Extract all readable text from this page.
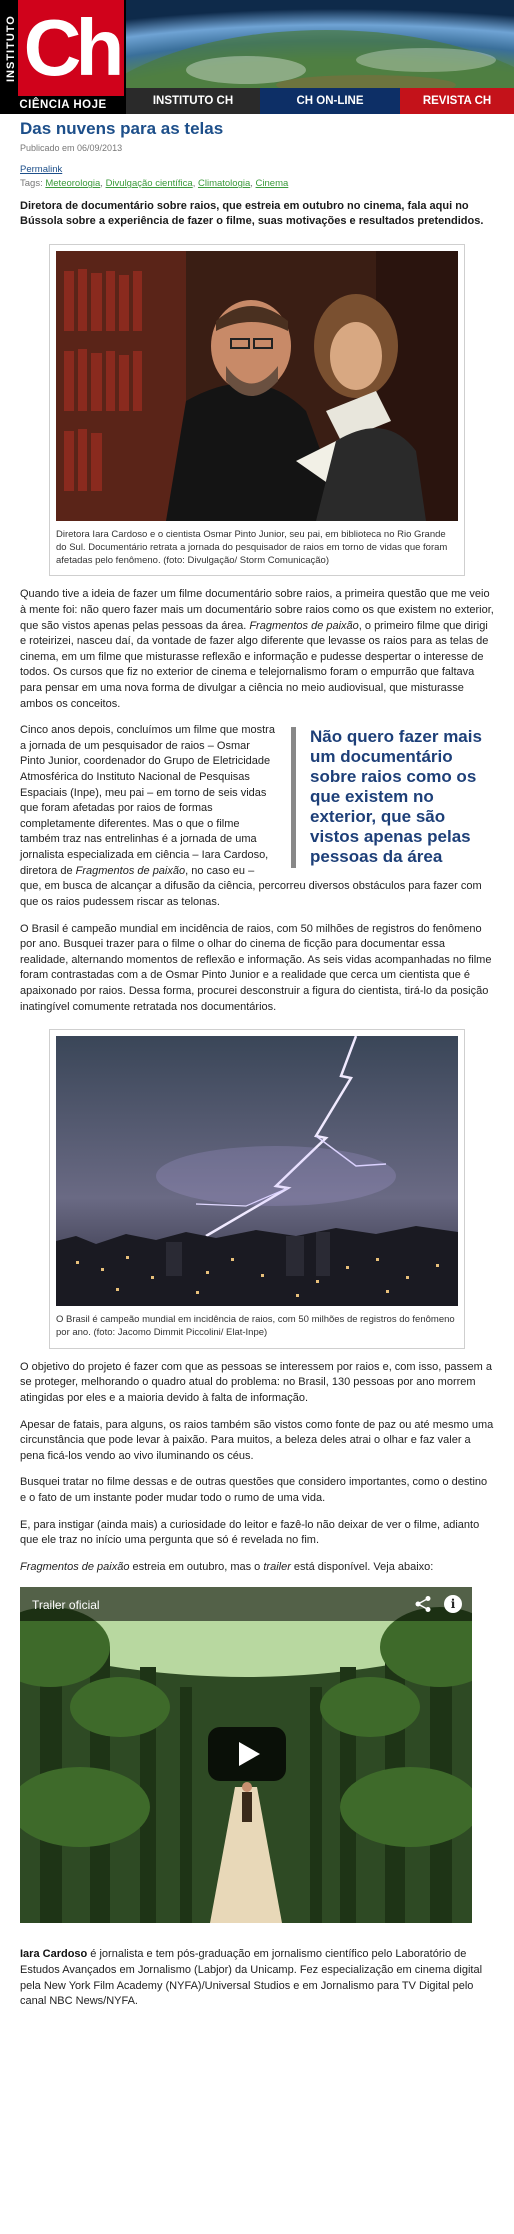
INSTITUTO Ch
CIÊNCIA HOJE	INSTITUTO CH	CH ON-LINE	REVISTA CH
Das nuvens para as telas
Publicado em 06/09/2013
Permalink
Tags: Meteorologia, Divulgação científica, Climatologia, Cinema
Diretora de documentário sobre raios, que estreia em outubro no cinema, fala aqui no Bússola sobre a experiência de fazer o filme, suas motivações e resultados pretendidos.
Diretora Iara Cardoso e o cientista Osmar Pinto Junior, seu pai, em biblioteca no Rio Grande do Sul. Documentário retrata a jornada do pesquisador de raios em torno de vidas que foram afetadas pelo fenômeno. (foto: Divulgação/ Storm Comunicação)

Quando tive a ideia de fazer um filme documentário sobre raios, a primeira questão que me veio à mente foi: não quero fazer mais um documentário sobre raios como os que existem no exterior, que são vistos apenas pelas pessoas da área. Fragmentos de paixão, o primeiro filme que dirigi e roteirizei, nasceu daí, da vontade de fazer algo diferente que levasse os raios para as telas de cinema, em um filme que misturasse reflexão e informação e pudesse despertar o interesse de todos. Os cursos que fiz no exterior de cinema e telejornalismo foram o empurrão que faltava para pensar em uma nova forma de divulgar a ciência no meio audiovisual, que misturasse ambos os conceitos.

Não quero fazer mais um documentário sobre raios como os que existem no exterior, que são vistos apenas pelas pessoas da área
Cinco anos depois, concluímos um filme que mostra a jornada de um pesquisador de raios – Osmar Pinto Junior, coordenador do Grupo de Eletricidade Atmosférica do Instituto Nacional de Pesquisas Espaciais (Inpe), meu pai – em torno de seis vidas que foram afetadas por raios de formas completamente diferentes. Mas o que o filme também traz nas entrelinhas é a jornada de uma jornalista especializada em ciência – Iara Cardoso, diretora de Fragmentos de paixão, no caso eu – que, em busca de alcançar a difusão da ciência, percorreu diversos obstáculos para fazer com que os raios pudessem riscar as telonas.

O Brasil é campeão mundial em incidência de raios, com 50 milhões de registros do fenômeno por ano. Busquei trazer para o filme o olhar do cinema de ficção para documentar essa realidade, alternando momentos de reflexão e informação. As seis vidas acompanhadas no filme foram contrastadas com a de Osmar Pinto Junior e a realidade que cerca um cientista que é apaixonado por raios. Dessa forma, procurei desconstruir a figura do cientista, tirá-lo da posição inatingível comumente retratada nos documentários.

O Brasil é campeão mundial em incidência de raios, com 50 milhões de registros do fenômeno por ano. (foto: Jacomo Dimmit Piccolini/ Elat-Inpe)

O objetivo do projeto é fazer com que as pessoas se interessem por raios e, com isso, passem a se proteger, melhorando o quadro atual do problema: no Brasil, 130 pessoas por ano morrem atingidas por eles e a maioria devido à falta de informação.

Apesar de fatais, para alguns, os raios também são vistos como fonte de paz ou até mesmo uma circunstância que pode levar à paixão. Para muitos, a beleza deles atrai o olhar e faz valer a pena ficá-los vendo ao vivo iluminando os céus.

Busquei tratar no filme dessas e de outras questões que considero importantes, como o destino e o fato de um instante poder mudar todo o rumo de uma vida.

E, para instigar (ainda mais) a curiosidade do leitor e fazê-lo não deixar de ver o filme, adianto que ele traz no início uma pergunta que só é revelada no fim.

Fragmentos de paixão estreia em outubro, mas o trailer está disponível. Veja abaixo:

Trailer oficial	i

Iara Cardoso é jornalista e tem pós-graduação em jornalismo científico pelo Laboratório de Estudos Avançados em Jornalismo (Labjor) da Unicamp. Fez especialização em cinema digital pela New York Film Academy (NYFA)/Universal Studios e em Jornalismo para TV Digital pelo canal NBC News/NYFA.
